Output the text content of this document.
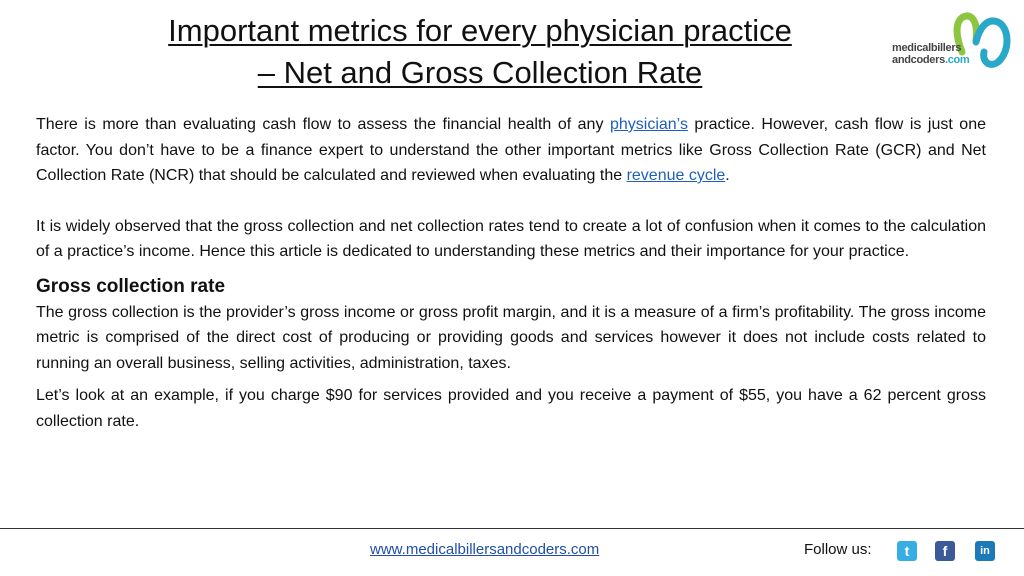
Important metrics for every physician practice
– Net and Gross Collection Rate
medicalbillers
andcoders.com

There is more than evaluating cash flow to assess the financial health of any physician’s practice. However, cash flow is just one factor. You don’t have to be a finance expert to understand the other important metrics like Gross Collection Rate (GCR) and Net Collection Rate (NCR) that should be calculated and reviewed when evaluating the revenue cycle.

It is widely observed that the gross collection and net collection rates tend to create a lot of confusion when it comes to the calculation of a practice’s income. Hence this article is dedicated to understanding these metrics and their importance for your practice.

Gross collection rate

The gross collection is the provider’s gross income or gross profit margin, and it is a measure of a firm’s profitability. The gross income metric is comprised of the direct cost of producing or providing goods and services however it does not include costs related to running an overall business, selling activities, administration, taxes.

Let’s look at an example, if you charge $90 for services provided and you receive a payment of $55, you have a 62 percent gross collection rate.

www.medicalbillersandcoders.com	Follow us:	t	f	in
